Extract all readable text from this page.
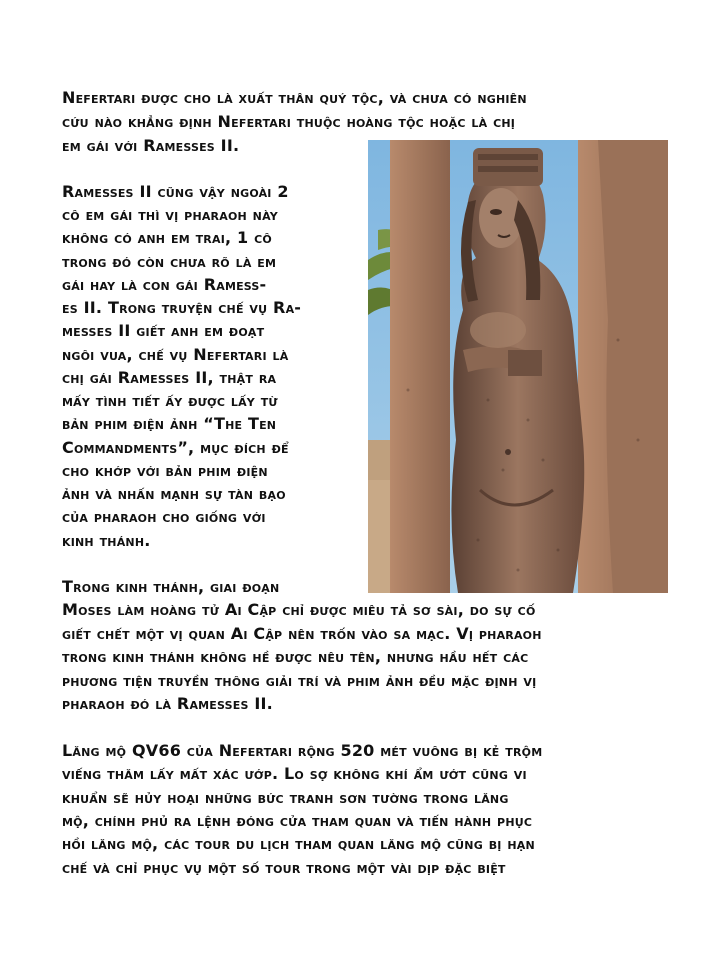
Nefertari được cho là xuất thân quý tộc, và chưa có nghiên
cứu nào khẳng định Nefertari thuộc hoàng tộc hoặc là chị
em gái với Ramesses II.
Ramesses II cũng vậy ngoài 2
cô em gái thì vị pharaoh này
không có anh em trai, 1 cô
trong đó còn chưa rõ là em
gái hay là con gái Ramess-
es II. Trong truyện chế vụ Ra-
messes II giết anh em đoạt
ngôi vua, chế vụ Nefertari là
chị gái Ramesses II, thật ra
mấy tình tiết ấy được lấy từ
bản phim điện ảnh “The Ten
Commandments”, mục đích để
cho khớp với bản phim điện
ảnh và nhấn mạnh sự tàn bạo
của pharaoh cho giống với
kinh thánh.
Trong kinh thánh, giai đoạn
Moses làm hoàng tử Ai Cập chỉ được miêu tả sơ sài, do sự cố
giết chết một vị quan Ai Cập nên trốn vào sa mạc. Vị pharaoh
trong kinh thánh không hề được nêu tên, nhưng hầu hết các
phương tiện truyền thông giải trí và phim ảnh đều mặc định vị
pharaoh đó là Ramesses II.
Lăng mộ QV66 của Nefertari rộng 520 mét vuông bị kẻ trộm
viếng thăm lấy mất xác ướp. Lo sợ không khí ẩm ướt cũng vi
khuẩn sẽ hủy hoại những bức tranh sơn tường trong lăng
mộ, chính phủ ra lệnh đóng cửa tham quan và tiến hành phục
hồi lăng mộ, các tour du lịch tham quan lăng mộ cũng bị hạn
chế và chỉ phục vụ một số tour trong một vài dịp đặc biệt
